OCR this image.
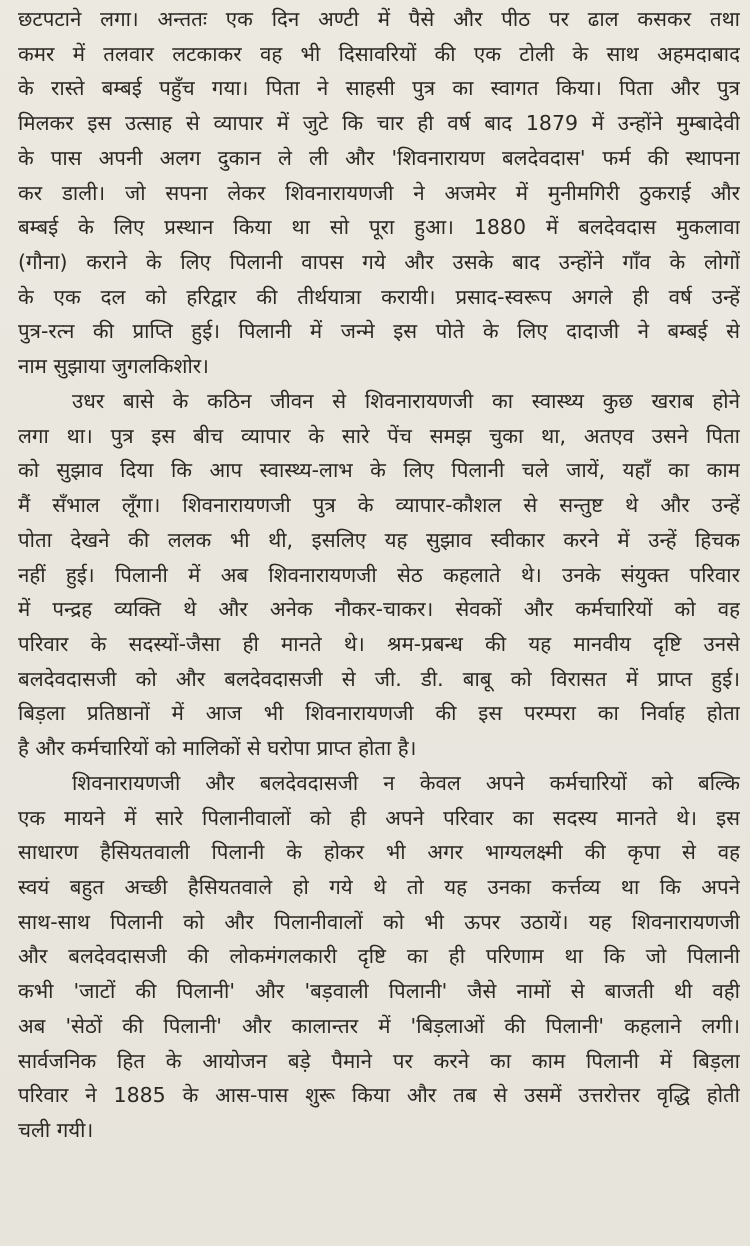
छटपटाने लगा। अन्ततः एक दिन अण्टी में पैसे और पीठ पर ढाल कसकर तथा
कमर में तलवार लटकाकर वह भी दिसावरियों की एक टोली के साथ अहमदाबाद
के रास्ते बम्बई पहुँच गया। पिता ने साहसी पुत्र का स्वागत किया। पिता और पुत्र
मिलकर इस उत्साह से व्यापार में जुटे कि चार ही वर्ष बाद 1879 में उन्होंने मुम्बादेवी
के पास अपनी अलग दुकान ले ली और 'शिवनारायण बलदेवदास' फर्म की स्थापना
कर डाली। जो सपना लेकर शिवनारायणजी ने अजमेर में मुनीमगिरी ठुकराई और
बम्बई के लिए प्रस्थान किया था सो पूरा हुआ। 1880 में बलदेवदास मुकलावा
(गौना) कराने के लिए पिलानी वापस गये और उसके बाद उन्होंने गाँव के लोगों
के एक दल को हरिद्वार की तीर्थयात्रा करायी। प्रसाद-स्वरूप अगले ही वर्ष उन्हें
पुत्र-रत्न की प्राप्ति हुई। पिलानी में जन्मे इस पोते के लिए दादाजी ने बम्बई से
नाम सुझाया जुगलकिशोर।
उधर बासे के कठिन जीवन से शिवनारायणजी का स्वास्थ्य कुछ खराब होने
लगा था। पुत्र इस बीच व्यापार के सारे पेंच समझ चुका था, अतएव उसने पिता
को सुझाव दिया कि आप स्वास्थ्य-लाभ के लिए पिलानी चले जायें, यहाँ का काम
मैं सँभाल लूँगा। शिवनारायणजी पुत्र के व्यापार-कौशल से सन्तुष्ट थे और उन्हें
पोता देखने की ललक भी थी, इसलिए यह सुझाव स्वीकार करने में उन्हें हिचक
नहीं हुई। पिलानी में अब शिवनारायणजी सेठ कहलाते थे। उनके संयुक्त परिवार
में पन्द्रह व्यक्ति थे और अनेक नौकर-चाकर। सेवकों और कर्मचारियों को वह
परिवार के सदस्यों-जैसा ही मानते थे। श्रम-प्रबन्ध की यह मानवीय दृष्टि उनसे
बलदेवदासजी को और बलदेवदासजी से जी. डी. बाबू को विरासत में प्राप्त हुई।
बिड़ला प्रतिष्ठानों में आज भी शिवनारायणजी की इस परम्परा का निर्वाह होता
है और कर्मचारियों को मालिकों से घरोपा प्राप्त होता है।
शिवनारायणजी और बलदेवदासजी न केवल अपने कर्मचारियों को बल्कि
एक मायने में सारे पिलानीवालों को ही अपने परिवार का सदस्य मानते थे। इस
साधारण हैसियतवाली पिलानी के होकर भी अगर भाग्यलक्ष्मी की कृपा से वह
स्वयं बहुत अच्छी हैसियतवाले हो गये थे तो यह उनका कर्त्तव्य था कि अपने
साथ-साथ पिलानी को और पिलानीवालों को भी ऊपर उठायें। यह शिवनारायणजी
और बलदेवदासजी की लोकमंगलकारी दृष्टि का ही परिणाम था कि जो पिलानी
कभी 'जाटों की पिलानी' और 'बड़वाली पिलानी' जैसे नामों से बाजती थी वही
अब 'सेठों की पिलानी' और कालान्तर में 'बिड़लाओं की पिलानी' कहलाने लगी।
सार्वजनिक हित के आयोजन बड़े पैमाने पर करने का काम पिलानी में बिड़ला
परिवार ने 1885 के आस-पास शुरू किया और तब से उसमें उत्तरोत्तर वृद्धि होती
चली गयी।
